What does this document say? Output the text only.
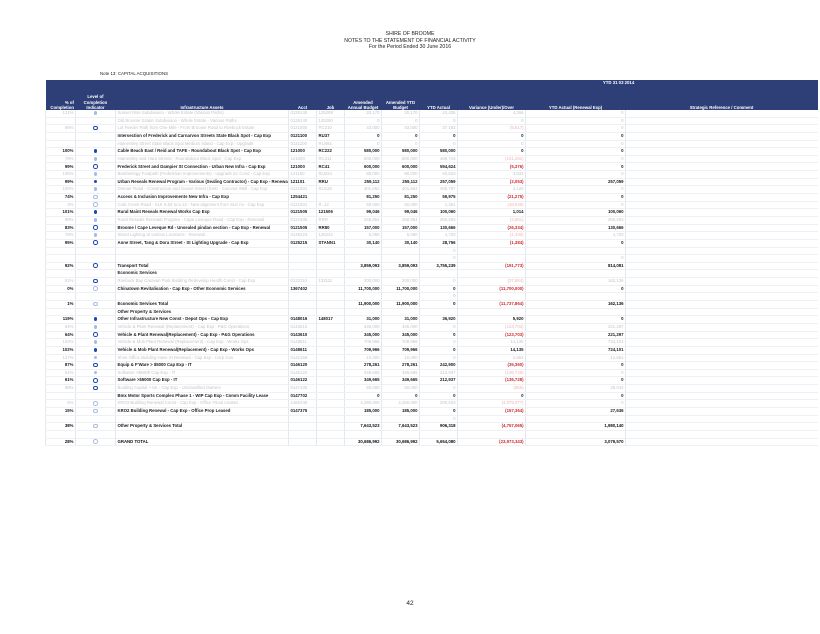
SHIRE OF BROOME
NOTES TO THE STATEMENT OF FINANCIAL ACTIVITY
For the Period Ended 30 June 2016
Note 13: CAPITAL ACQUISITIONS
							YTD 31 03 2014			
% of Completion	Level of Completion Indicator	Infrastructure Assets	Acct	Job	Amended Annual Budget	Amended YTD Budget	YTD Actual	Variance (Under)/Over	YTD Actual (Renewal Exp)	Strategic Reference / Comment
121%		Sunset Rise Subdivision - Whole Estate (Various Paths)	0125140	125289	20,170	20,170	24,436	4,266	0	
		Old Broome Estate Subdivision - Whole Estate - Various Paths	0125140	125290	0	0	0	0	0	
86%		Lot Feeder Path from One Mile - From Broome Road to Roebuck Estate	0121000	RC210	43,000	43,000	37,183	(5,817)	0	
		Intersection of Frederick and Carnarvon Streets State Black Spot - Cap Exp	0121100	RU37	0	0	0	0	0	
		Hamersley Street State Black Spot Medium Island - Cap Exp - Upgrade	0121100	RU491	0	0	0	0	0	
100%		Cable Beach East / Reid and TAFE - Roundabout Black Spot - Cap Exp	121000	RC222	580,000	580,000	580,000	0	0	
78%		Hamersley and Hara Streets - Roundabout Black Spot - Cap Exp	121000	RC411	600,000	600,000	468,719	(131,281)	0	
99%		Frederick Street and Dampier St Connection - Urban New Infra - Cap Exp	121000	RC41	600,000	600,000	594,624	(5,376)	0	
105%		Bamberingy Footpath (Pedestrian Improvements) - Upgrade Ez Cond - Cap Exp	121100	RU224	80,000	80,000	83,833	3,833	0	
99%		Urban Reseals Renewal Program - Various (Sealing Contractor) - Cap Exp - Renewal	121101	RRU	259,112	259,112	257,059	(2,053)	257,059	
100%		Demarr Road - Construction and Gravel Street (Kerb - Coconut Well - Cap Exp	0121501	RU120	401,662	401,662	405,787	4,125	0	
74%		Access & Inclusion Improvements New Infra - Cap Exp	1254421		81,250	81,250	59,975	(21,275)	0	
3%		Crab Creek Road - SLK 5.53 to 6.13 - New alignment from SLK mi - Cap Exp	0121501	R..12	50,000	50,000	1,361	(48,639)	0	
101%		Rural Maint Reseals Renewal Works Cap Exp	0121505	121506	99,046	99,046	100,060	1,014	100,060	
99%		Rural Reseals Renewal Program - Cape Leveque Road - Cap Exp - Renewal	0121505	RRR	268,854	268,854	266,293	(2,561)	266,293	
83%		Broome / Cape Leveque Rd - Unsealed pindan section - Cap Exp - Renewal	0121505	RR80	157,000	157,000	130,666	(26,334)	130,666	
78%		Street Lighting at various Locations - Renewal	0125223	125232	6,060	6,060	4,720	(1,340)	4,720	
95%		Anne Street, Tang & Dora Street - St Lighting Upgrade - Cap Exp	0125215	STANN1	30,140	30,140	28,756	(1,384)	0	
							0			
							0		0	
92%		Transport Total			3,859,093	3,859,093	3,755,239	(191,773)	814,081	
		Economic Services								
81%		Roebuck Bay Caravan Park Building Redevelop Health Const - Cap Exp	0132110	132111	200,000	200,000	0	(37,864)	162,136	
0%		Chinatown Revitalisation - Cap Exp - Other Economic Services	1367402		11,700,000	11,700,000	0	(11,700,000)	0	
							0			
1%		Economic Services Total			11,900,000	11,900,000	0	(11,737,864)	162,136	
		Other Property & Services								
119%		Other Infrastructure New Const - Depot Ops - Cap Exp	0148016	148017	31,000	31,000	36,920	5,920	0	
64%		Vehicle & Plant Renewal (Replacement) - Cap Exp - P&G Operations	0143610		345,000	345,000	0	(123,703)	221,297	
64%		Vehicle & Plant Renewal(Replacement) - Cap Exp - P&G Operations	0143610		345,000	345,000	0	(123,703)	221,297	
102%		Vehicle & Mob Plant Renewal (Replacement) - Cap Exp - Works Ops	0148611		709,966	709,966	0	14,135	724,101	
102%		Vehicle & Mob Plant Renewal(Replacement) - Cap Exp - Works Ops	0148611		709,966	709,966	0	14,135	724,101	
127%		Shire Office Building Hase St Renewal - Cap Exp - Corp Gov	0142158		10,000	10,000	0	2,664	12,664	
87%		Equip & F'Ware > $5000 Cap Exp - IT	0146120		278,261	278,261	242,900	(35,360)	0	
61%		Software >$5000 Cap Exp - IT	0146122		349,665	349,665	212,937	(136,728)	0	
61%		Software >$5000 Cap Exp - IT	0146122		349,665	349,665	212,937	(136,728)	0	
98%		Building Capital > 5K - Cap Exp - Unclassified Owners	0147100		50,000	50,000	0	(956)	49,044	
		Bmx Motor Sports Complex Phase 1 - WIP Cap Exp - Comm Facility Lease	0147702		0	0	0	0	0	
5%		KRO3 Building Renewal Const - Cap Exp - Office Fitout Leases	1482446		4,280,000	4,280,000	200,623	(4,079,377)	0	
15%		KRO2 Building Renewal - Cap Exp - Office Prop Leased	0147375		185,000	185,000	0	(157,364)	27,636	
							0			
38%		Other Property & Services Total			7,643,523	7,643,523	906,318	(4,757,065)	1,980,140	

28%		GRAND TOTAL			30,686,992	30,686,992	5,654,080	(23,973,343)	3,079,570	
42
